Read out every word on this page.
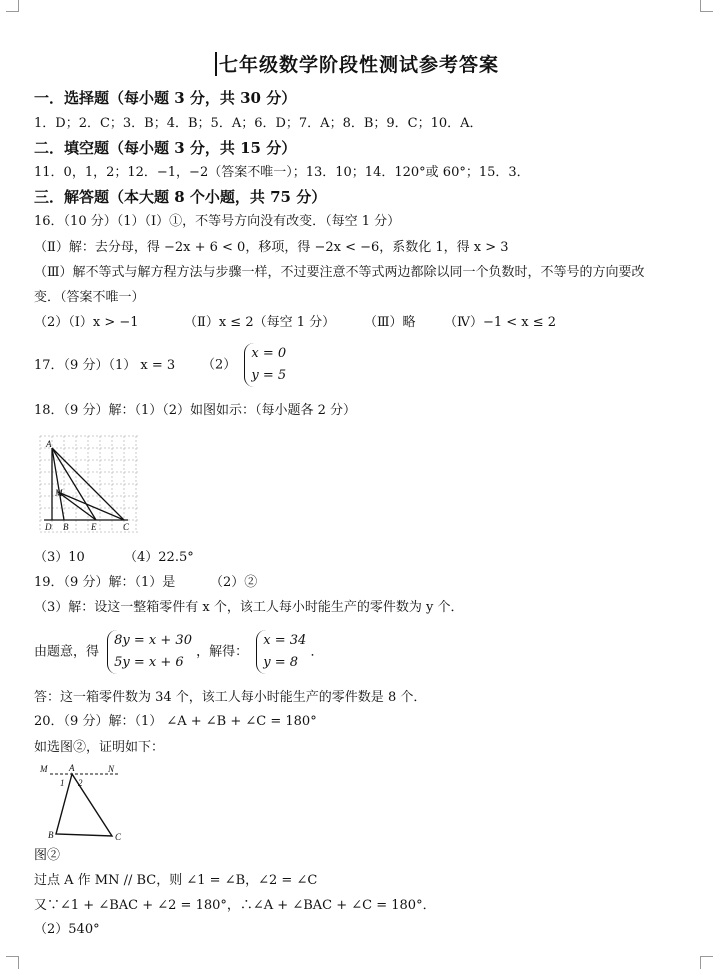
七年级数学阶段性测试参考答案
一．选择题（每小题 3 分，共 30 分）
1．D；2．C；3．B；4．B；5．A；6．D；7．A；8．B；9．C；10．A．
二．填空题（每小题 3 分，共 15 分）
11．0，1，2；12．−1，−2（答案不唯一）；13．10；14．120°或 60°；15．3．
三．解答题（本大题 8 个小题，共 75 分）
16．（10 分）（1）（Ⅰ）①，不等号方向没有改变．（每空 1 分）
（Ⅱ）解：去分母，得 −2x + 6 < 0，移项，得 −2x < −6，系数化 1，得 x > 3
（Ⅲ）解不等式与解方程方法与步骤一样，不过要注意不等式两边都除以同一个负数时，不等号的方向要改
变．（答案不唯一）
（2）（Ⅰ）x > −1	（Ⅱ）x ≤ 2（每空 1 分） （Ⅲ）略 （Ⅳ）−1 < x ≤ 2
17．（9 分）（1） x = 3 （2）
x = 0
y = 5
18．（9 分）解：（1）（2）如图如示：（每小题各 2 分）
A
M
D B	E	C
（3）10	（4）22.5°
19．（9 分）解：（1）是	（2）②
（3）解：设这一整箱零件有 x 个，该工人每小时能生产的零件数为 y 个．
由题意，得
8y = x + 30
5y = x + 6
，解得：
x = 34
y = 8
．
答：这一箱零件数为 34 个，该工人每小时能生产的零件数是 8 个．
20．（9 分）解：（1） ∠A + ∠B + ∠C = 180°
如选图②，证明如下：
M A	N
1 2
B	C
图②
过点 A 作 MN // BC，则 ∠1 = ∠B，∠2 = ∠C
又∵∠1 + ∠BAC + ∠2 = 180°，∴∠A + ∠BAC + ∠C = 180°．
（2）540°
